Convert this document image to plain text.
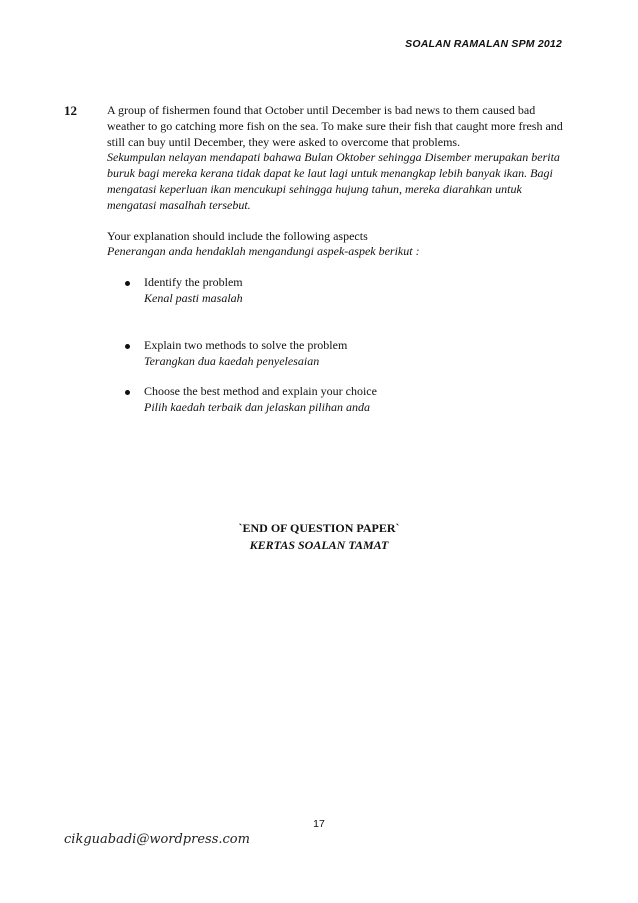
SOALAN RAMALAN SPM 2012
12	A group of fishermen found that October until December is bad news to them caused bad weather to go catching more fish on the sea. To make sure their fish that caught more fresh and still can buy until December, they were asked to overcome that problems.

Sekumpulan nelayan mendapati bahawa Bulan Oktober sehingga Disember merupakan berita buruk bagi mereka kerana tidak dapat ke laut lagi untuk menangkap lebih banyak ikan. Bagi mengatasi keperluan ikan mencukupi sehingga hujung tahun, mereka diarahkan untuk mengatasi masalhah tersebut.

Your explanation should include the following aspects

Penerangan anda hendaklah mengandungi aspek-aspek berikut :

Identify the problem

Kenal pasti masalah

Explain two methods to solve the problem

Terangkan dua kaedah penyelesaian

Choose the best method and explain your choice

Pilih kaedah terbaik dan jelaskan pilihan anda

`END OF QUESTION PAPER`
KERTAS SOALAN TAMAT
17
cikguabadi@wordpress.com
